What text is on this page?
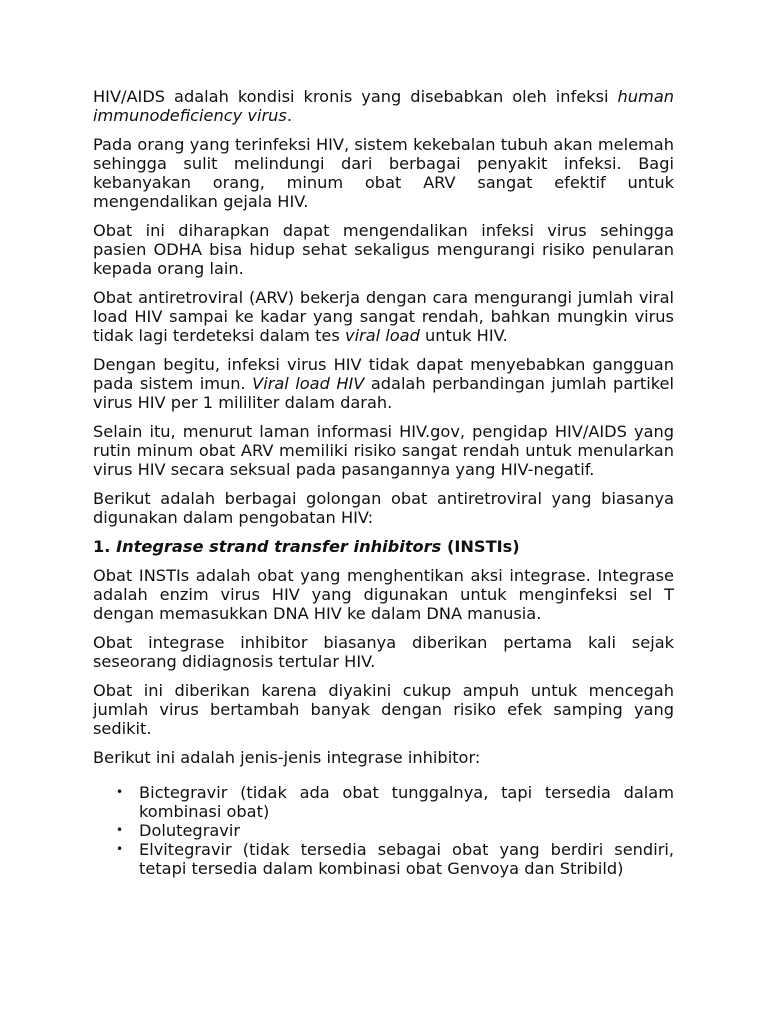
HIV/AIDS adalah kondisi kronis yang disebabkan oleh infeksi human immunodeficiency virus.

Pada orang yang terinfeksi HIV, sistem kekebalan tubuh akan melemah sehingga sulit melindungi dari berbagai penyakit infeksi. Bagi kebanyakan orang, minum obat ARV sangat efektif untuk mengendalikan gejala HIV.

Obat ini diharapkan dapat mengendalikan infeksi virus sehingga pasien ODHA bisa hidup sehat sekaligus mengurangi risiko penularan kepada orang lain.

Obat antiretroviral (ARV) bekerja dengan cara mengurangi jumlah viral load HIV sampai ke kadar yang sangat rendah, bahkan mungkin virus tidak lagi terdeteksi dalam tes viral load untuk HIV.

Dengan begitu, infeksi virus HIV tidak dapat menyebabkan gangguan pada sistem imun. Viral load HIV adalah perbandingan jumlah partikel virus HIV per 1 mililiter dalam darah.

Selain itu, menurut laman informasi HIV.gov, pengidap HIV/AIDS yang rutin minum obat ARV memiliki risiko sangat rendah untuk menularkan virus HIV secara seksual pada pasangannya yang HIV-negatif.

Berikut adalah berbagai golongan obat antiretroviral yang biasanya digunakan dalam pengobatan HIV:

1. Integrase strand transfer inhibitors (INSTIs)

Obat INSTIs adalah obat yang menghentikan aksi integrase. Integrase adalah enzim virus HIV yang digunakan untuk menginfeksi sel T dengan memasukkan DNA HIV ke dalam DNA manusia.

Obat integrase inhibitor biasanya diberikan pertama kali sejak seseorang didiagnosis tertular HIV.

Obat ini diberikan karena diyakini cukup ampuh untuk mencegah jumlah virus bertambah banyak dengan risiko efek samping yang sedikit.

Berikut ini adalah jenis-jenis integrase inhibitor:

• Bictegravir (tidak ada obat tunggalnya, tapi tersedia dalam kombinasi obat)
• Dolutegravir
• Elvitegravir (tidak tersedia sebagai obat yang berdiri sendiri, tetapi tersedia dalam kombinasi obat Genvoya dan Stribild)
